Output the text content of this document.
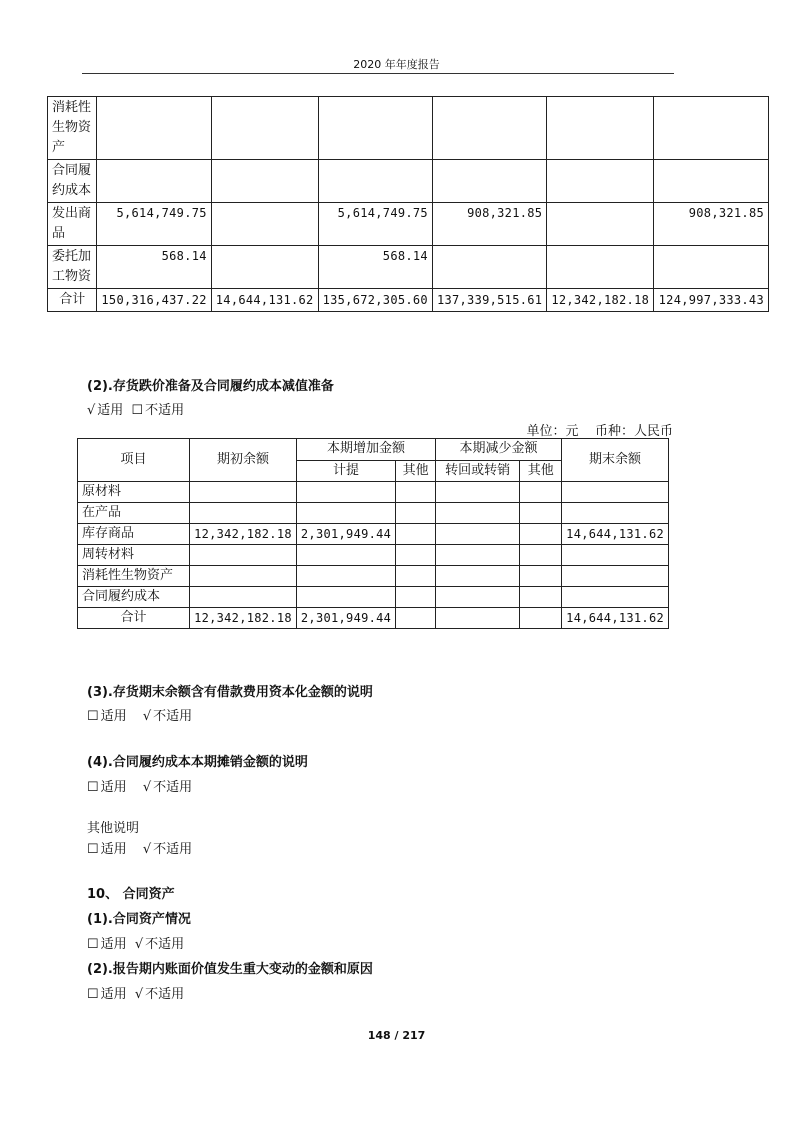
2020 年年度报告
消耗性生物资产						
合同履约成本						
发出商品	5,614,749.75		5,614,749.75	908,321.85		908,321.85
委托加工物资	568.14		568.14			
合计	150,316,437.22	14,644,131.62	135,672,305.60	137,339,515.61	12,342,182.18	124,997,333.43
(2).存货跌价准备及合同履约成本减值准备
√ 适用 ☐ 不适用
单位：元    币种：人民币
项目	期初余额	本期增加金额		本期减少金额		期末余额
		计提	其他	转回或转销	其他	
原材料						
在产品						
库存商品	12,342,182.18	2,301,949.44				14,644,131.62
周转材料						
消耗性生物资产						
合同履约成本						
合计	12,342,182.18	2,301,949.44				14,644,131.62
(3).存货期末余额含有借款费用资本化金额的说明
☐ 适用 √ 不适用
(4).合同履约成本本期摊销金额的说明
☐ 适用 √ 不适用
其他说明
☐ 适用 √ 不适用
10、 合同资产
(1).合同资产情况
☐ 适用 √ 不适用
(2).报告期内账面价值发生重大变动的金额和原因
☐ 适用 √ 不适用
148 / 217
